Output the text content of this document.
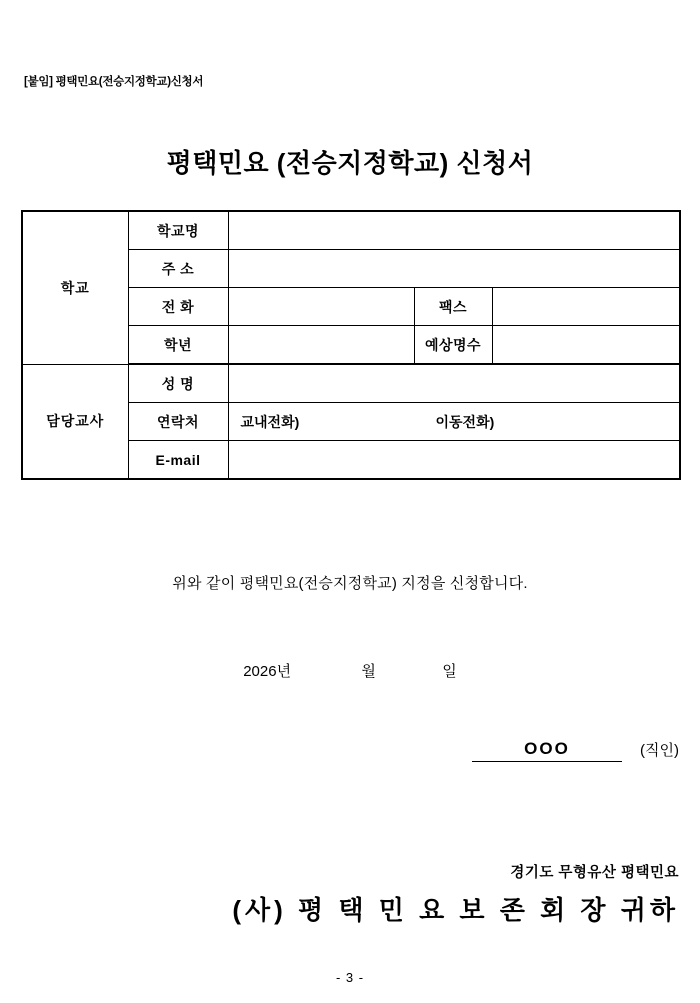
[붙임] 평택민요(전승지정학교)신청서
평택민요 (전승지정학교) 신청서
학교	학교명			
	주 소			
	전 화		팩스	
	학년		예상명수	
담당교사	성 명			
	연락처	교내전화) 이동전화)		

	E-mail			
위와 같이 평택민요(전승지정학교) 지정을 신청합니다.
2026년	월	일
OOO	(직인)
경기도 무형유산 평택민요
(사) 평 택 민 요 보 존 회 장 귀하
- 3 -
